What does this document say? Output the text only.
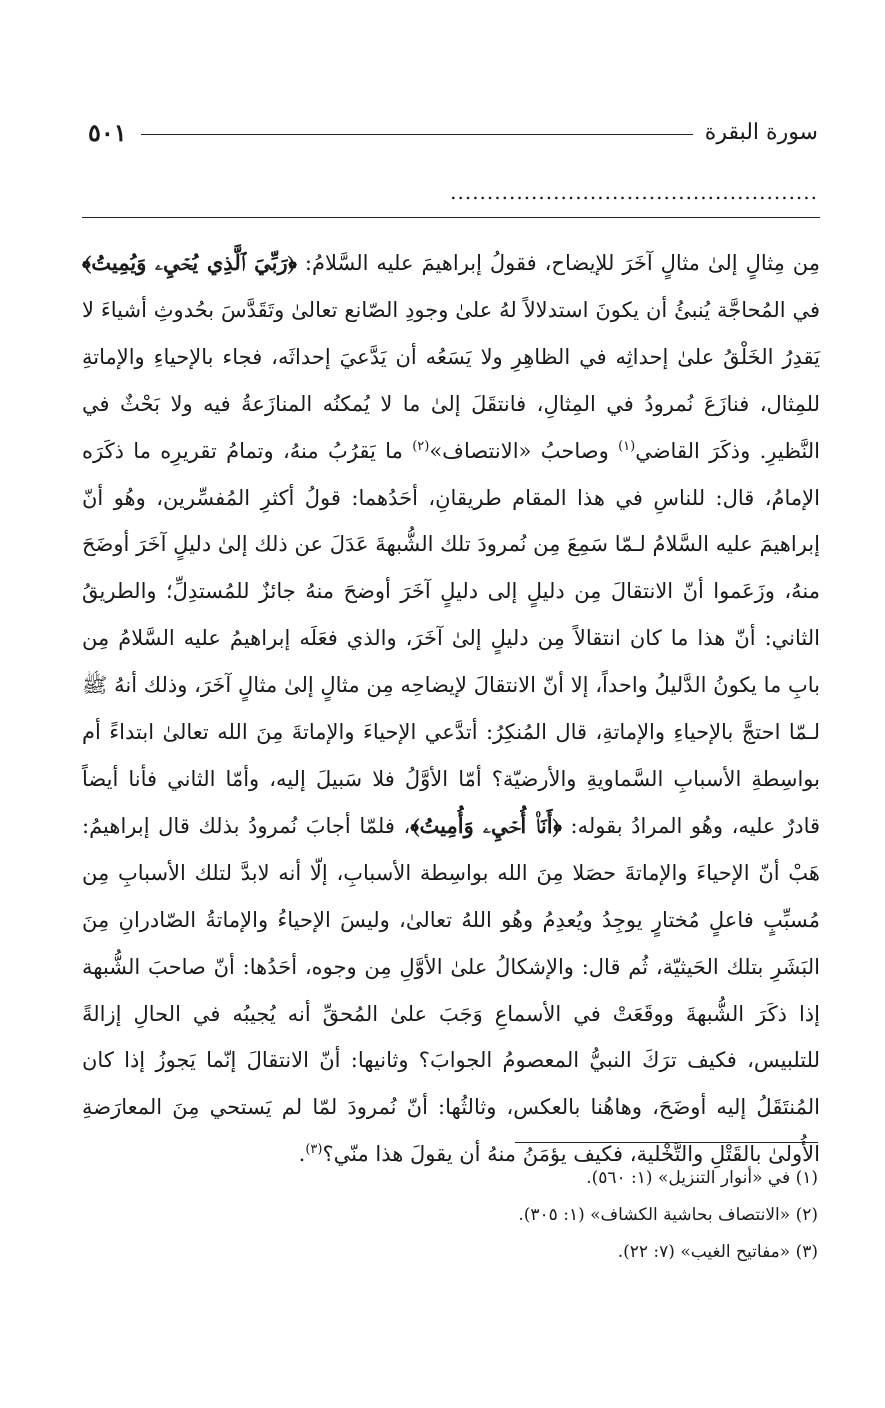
سورة البقرة
٥٠١
..................................................

مِن مِثالٍ إلىٰ مثالٍ آخَرَ للإيضاح، فقولُ إبراهيمَ عليه السَّلامُ: ﴿رَبِّيَ ٱلَّذِي يُحۡيِۦ وَيُمِيتُ﴾ في المُحاجَّة يُنبئُ أن يكونَ استدلالاً لهُ علىٰ وجودِ الصّانع تعالىٰ وتَقَدَّسَ بحُدوثِ أشياءَ لا يَقدِرُ الخَلْقُ علىٰ إحداثِه في الظاهِرِ ولا يَسَعُه أن يَدَّعيَ إحداثَه، فجاء بالإحياءِ والإماتةِ للمِثال، فنازَعَ نُمرودُ في المِثالِ، فانتقَلَ إلىٰ ما لا يُمكنُه المنازَعةُ فيه ولا بَحْثٌ في النَّظيرِ. وذكَرَ القاضي$^{(١)}$ وصاحبُ «الانتصاف»$^{(٢)}$ ما يَقرُبُ منهُ، وتمامُ تقريرِه ما ذكَرَه الإمامُ، قال: للناسِ في هذا المقام طريقانِ، أحَدُهما: قولُ أكثرِ المُفسِّرين، وهُو أنّ إبراهيمَ عليه السَّلامُ لـمّا سَمِعَ مِن نُمرودَ تلك الشُّبهةَ عَدَلَ عن ذلك إلىٰ دليلٍ آخَرَ أوضَحَ منهُ، وزَعَموا أنّ الانتقالَ مِن دليلٍ إلى دليلٍ آخَرَ أوضحَ منهُ جائزٌ للمُستدِلِّ؛ والطريقُ الثاني: أنّ هذا ما كان انتقالاً مِن دليلٍ إلىٰ آخَرَ، والذي فعَلَه إبراهيمُ عليه السَّلامُ مِن بابِ ما يكونُ الدَّليلُ واحداً، إلا أنّ الانتقالَ لإيضاحِه مِن مثالٍ إلىٰ مثالٍ آخَرَ، وذلك أنهُ ﷺ لـمّا احتجَّ بالإحياءِ والإماتةِ، قال المُنكِرُ: أتدَّعي الإحياءَ والإماتةَ مِنَ الله تعالىٰ ابتداءً أم بواسِطةِ الأسبابِ السَّماويةِ والأرضيّة؟ أمّا الأوَّلُ فلا سَبيلَ إليه، وأمّا الثاني فأنا أيضاً قادرٌ عليه، وهُو المرادُ بقوله: ﴿أَنَا۠ أُحۡيِۦ وَأُمِيتُ﴾، فلمّا أجابَ نُمرودُ بذلك قال إبراهيمُ: هَبْ أنّ الإحياءَ والإماتةَ حصَلا مِنَ الله بواسِطة الأسبابِ، إلّا أنه لابدَّ لتلك الأسبابِ مِن مُسبِّبٍ فاعلٍ مُختارٍ يوجِدُ ويُعدِمُ وهُو اللهُ تعالىٰ، وليسَ الإحياءُ والإماتةُ الصّادرانِ مِنَ البَشَرِ بتلك الحَيثيّة، ثُم قال: والإشكالُ علىٰ الأوَّلِ مِن وجوه، أحَدُها: أنّ صاحبَ الشُّبهة إذا ذكَرَ الشُّبهةَ ووقَعَتْ في الأسماعِ وَجَبَ علىٰ المُحقِّ أنه يُجيبُه في الحالِ إزالةً للتلبيس، فكيف ترَكَ النبيُّ المعصومُ الجوابَ؟ وثانيها: أنّ الانتقالَ إنّما يَجوزُ إذا كان المُنتَقَلُ إليه أوضَحَ، وهاهُنا بالعكس، وثالثُها: أنّ نُمرودَ لمّا لم يَستحي مِنَ المعارَضةِ الأُولىٰ بالقَتْلِ والتَّخْلية، فكيف يؤمَنُ منهُ أن يقولَ هذا منّي؟$^{(٣)}$.

(١) في «أنوار التنزيل» (١: ٥٦٠).
(٢) «الانتصاف بحاشية الكشاف» (١: ٣٠٥).
(٣) «مفاتيح الغيب» (٧: ٢٢).
